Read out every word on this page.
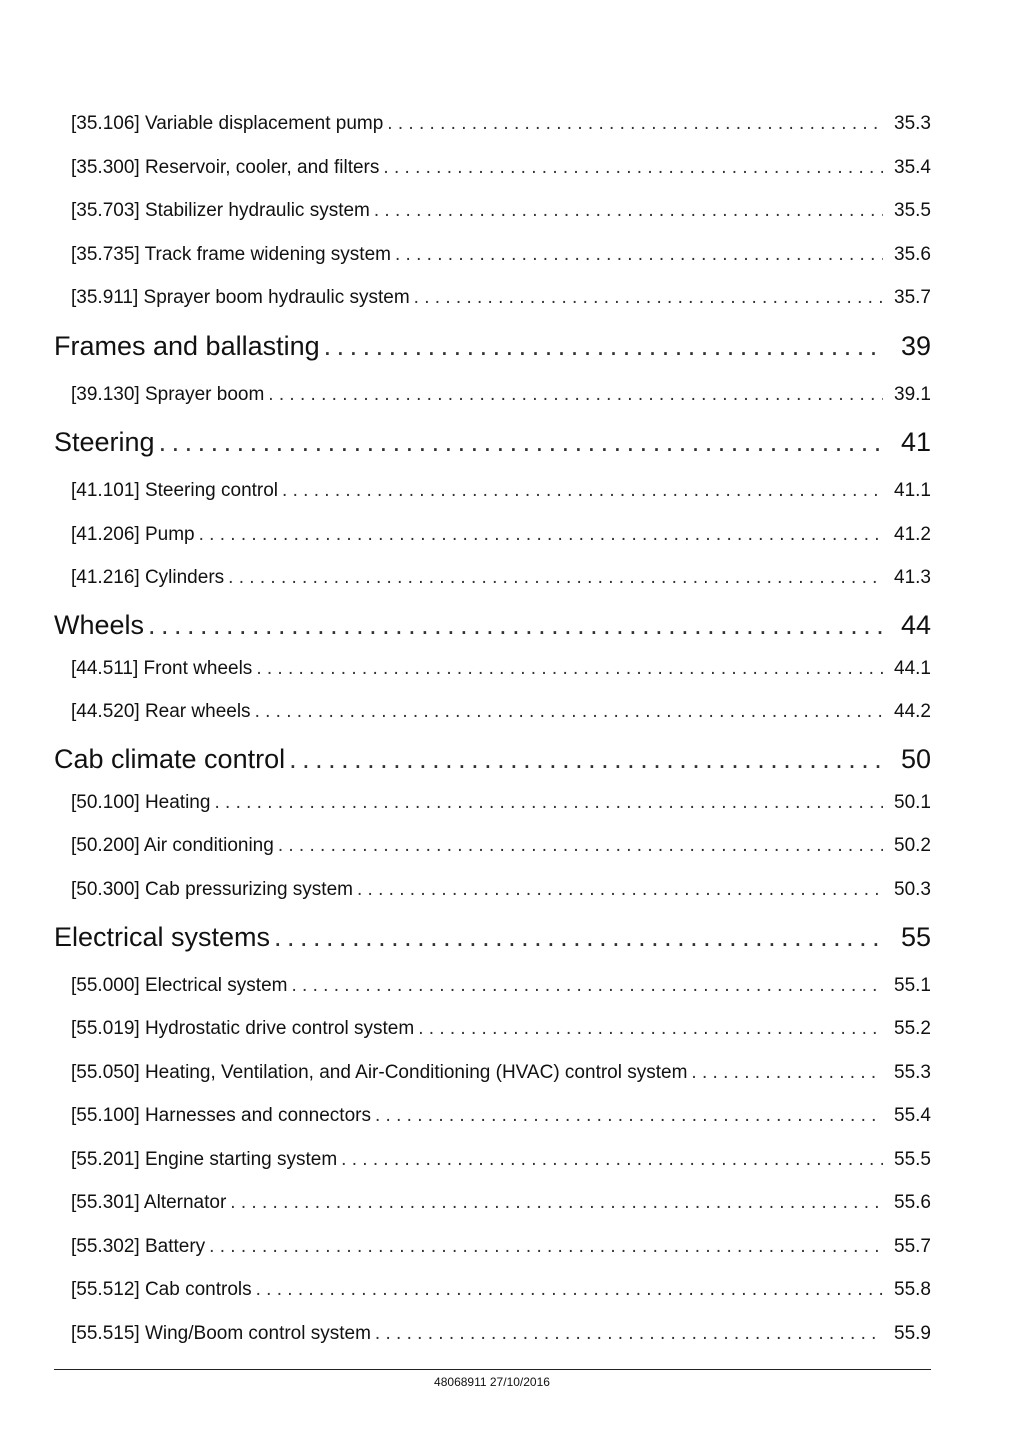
[35.106] Variable displacement pump . . .	35.3
[35.300] Reservoir, cooler, and filters . . .	35.4
[35.703] Stabilizer hydraulic system . . .	35.5
[35.735] Track frame widening system . . .	35.6
[35.911] Sprayer boom hydraulic system . . .	35.7
Frames and ballasting . . .	39
[39.130] Sprayer boom . . .	39.1
Steering . . .	41
[41.101] Steering control . . .	41.1
[41.206] Pump . . .	41.2
[41.216] Cylinders . . .	41.3
Wheels . . .	44
[44.511] Front wheels . . .	44.1
[44.520] Rear wheels . . .	44.2
Cab climate control . . .	50
[50.100] Heating . . .	50.1
[50.200] Air conditioning . . .	50.2
[50.300] Cab pressurizing system . . .	50.3
Electrical systems . . .	55
[55.000] Electrical system . . .	55.1
[55.019] Hydrostatic drive control system . . .	55.2
[55.050] Heating, Ventilation, and Air-Conditioning (HVAC) control system . . .	55.3
[55.100] Harnesses and connectors . . .	55.4
[55.201] Engine starting system . . .	55.5
[55.301] Alternator . . .	55.6
[55.302] Battery . . .	55.7
[55.512] Cab controls . . .	55.8
[55.515] Wing/Boom control system . . .	55.9
48068911 27/10/2016
